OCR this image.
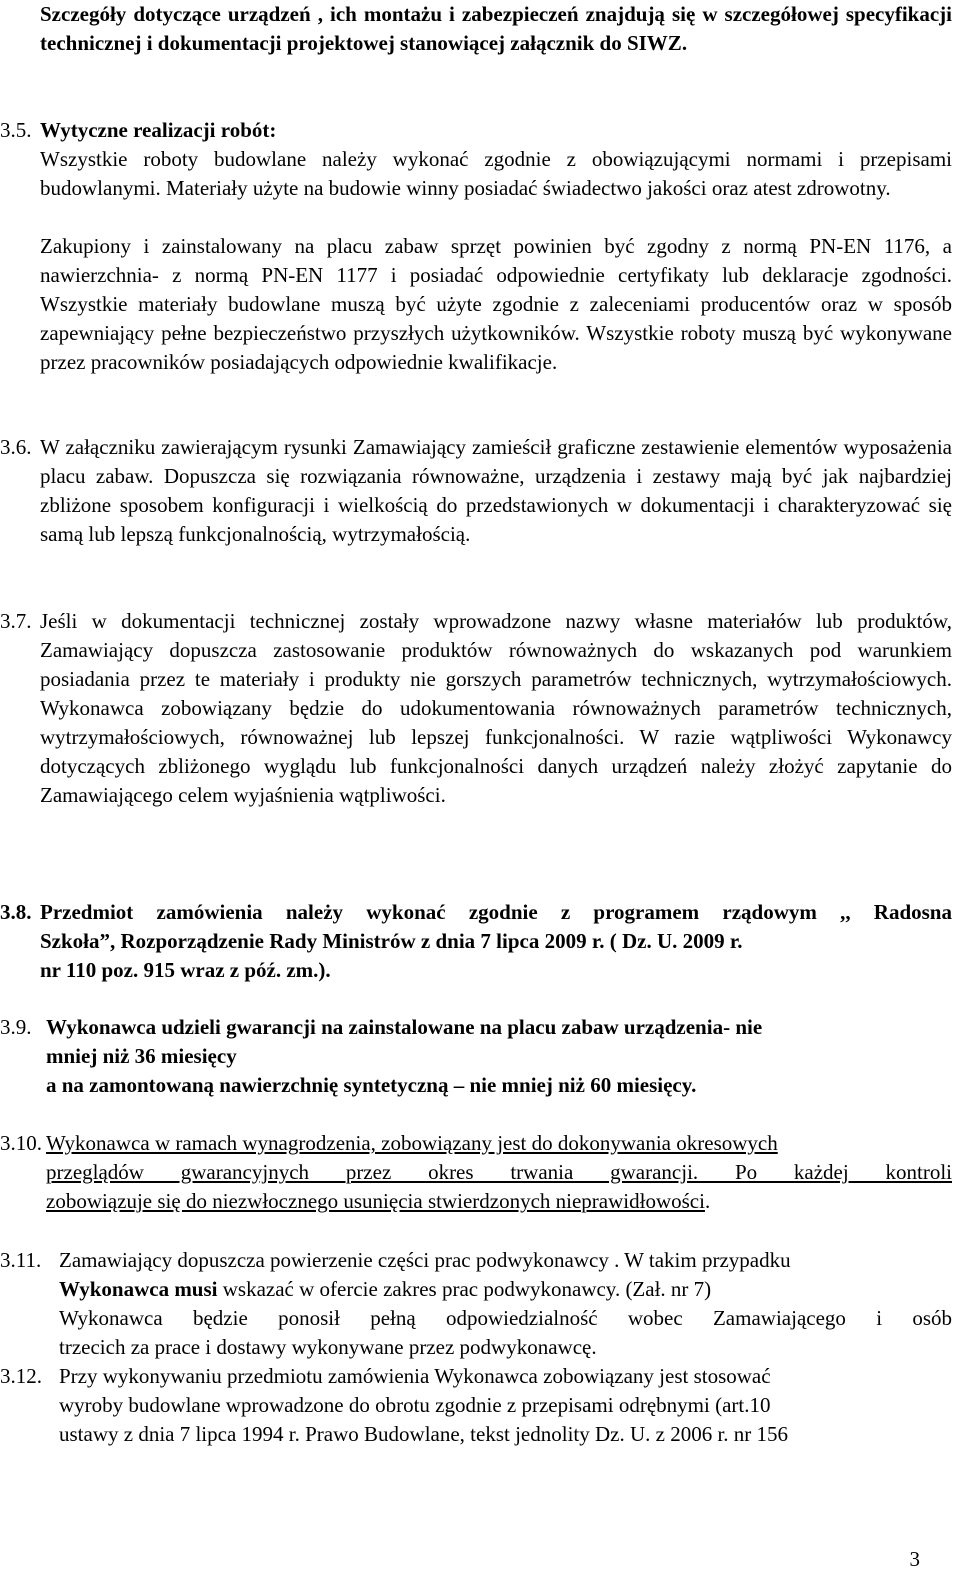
Szczegóły dotyczące urządzeń , ich montażu i zabezpieczeń znajdują się w szczegółowej specyfikacji technicznej i dokumentacji projektowej stanowiącej załącznik do SIWZ.
3.5. Wytyczne realizacji robót:
Wszystkie roboty budowlane należy wykonać zgodnie z obowiązującymi normami i przepisami budowlanymi. Materiały użyte na budowie winny posiadać świadectwo jakości oraz atest zdrowotny.
Zakupiony i zainstalowany na placu zabaw sprzęt powinien być zgodny z normą PN-EN 1176, a nawierzchnia- z normą PN-EN 1177 i posiadać odpowiednie certyfikaty lub deklaracje zgodności. Wszystkie materiały budowlane muszą być użyte zgodnie z zaleceniami producentów oraz w sposób zapewniający pełne bezpieczeństwo przyszłych użytkowników. Wszystkie roboty muszą być wykonywane przez pracowników posiadających odpowiednie kwalifikacje.
3.6. W załączniku zawierającym rysunki Zamawiający zamieścił graficzne zestawienie elementów wyposażenia placu zabaw. Dopuszcza się rozwiązania równoważne, urządzenia i zestawy mają być jak najbardziej zbliżone sposobem konfiguracji i wielkością do przedstawionych w dokumentacji i charakteryzować się samą lub lepszą funkcjonalnością, wytrzymałością.
3.7. Jeśli w dokumentacji technicznej zostały wprowadzone nazwy własne materiałów lub produktów, Zamawiający dopuszcza zastosowanie produktów równoważnych do wskazanych pod warunkiem posiadania przez te materiały i produkty nie gorszych parametrów technicznych, wytrzymałościowych. Wykonawca zobowiązany będzie do udokumentowania równoważnych parametrów technicznych, wytrzymałościowych, równoważnej lub lepszej funkcjonalności. W razie wątpliwości Wykonawcy dotyczących zbliżonego wyglądu lub funkcjonalności danych urządzeń należy złożyć zapytanie do Zamawiającego celem wyjaśnienia wątpliwości.
3.8. Przedmiot zamówienia należy wykonać zgodnie z programem rządowym ,, Radosna
Szkoła”, Rozporządzenie Rady Ministrów z dnia 7 lipca 2009 r. ( Dz. U. 2009 r.
nr 110 poz. 915 wraz z póź. zm.).
3.9. Wykonawca udzieli gwarancji na zainstalowane na placu zabaw urządzenia- nie
mniej niż 36 miesięcy
a na zamontowaną nawierzchnię syntetyczną – nie mniej niż 60 miesięcy.
3.10. Wykonawca w ramach wynagrodzenia, zobowiązany jest do dokonywania okresowych
przeglądów gwarancyjnych przez okres trwania gwarancji. Po każdej kontroli
zobowiązuje się do niezwłocznego usunięcia stwierdzonych nieprawidłowości.
3.11. Zamawiający dopuszcza powierzenie części prac podwykonawcy . W takim przypadku
Wykonawca musi wskazać w ofercie zakres prac podwykonawcy. (Zał. nr 7)
Wykonawca będzie ponosił pełną odpowiedzialność wobec Zamawiającego i osób
trzecich za prace i dostawy wykonywane przez podwykonawcę.
3.12. Przy wykonywaniu przedmiotu zamówienia Wykonawca zobowiązany jest stosować
wyroby budowlane wprowadzone do obrotu zgodnie z przepisami odrębnymi (art.10
ustawy z dnia 7 lipca 1994 r. Prawo Budowlane, tekst jednolity Dz. U. z 2006 r. nr 156
3
